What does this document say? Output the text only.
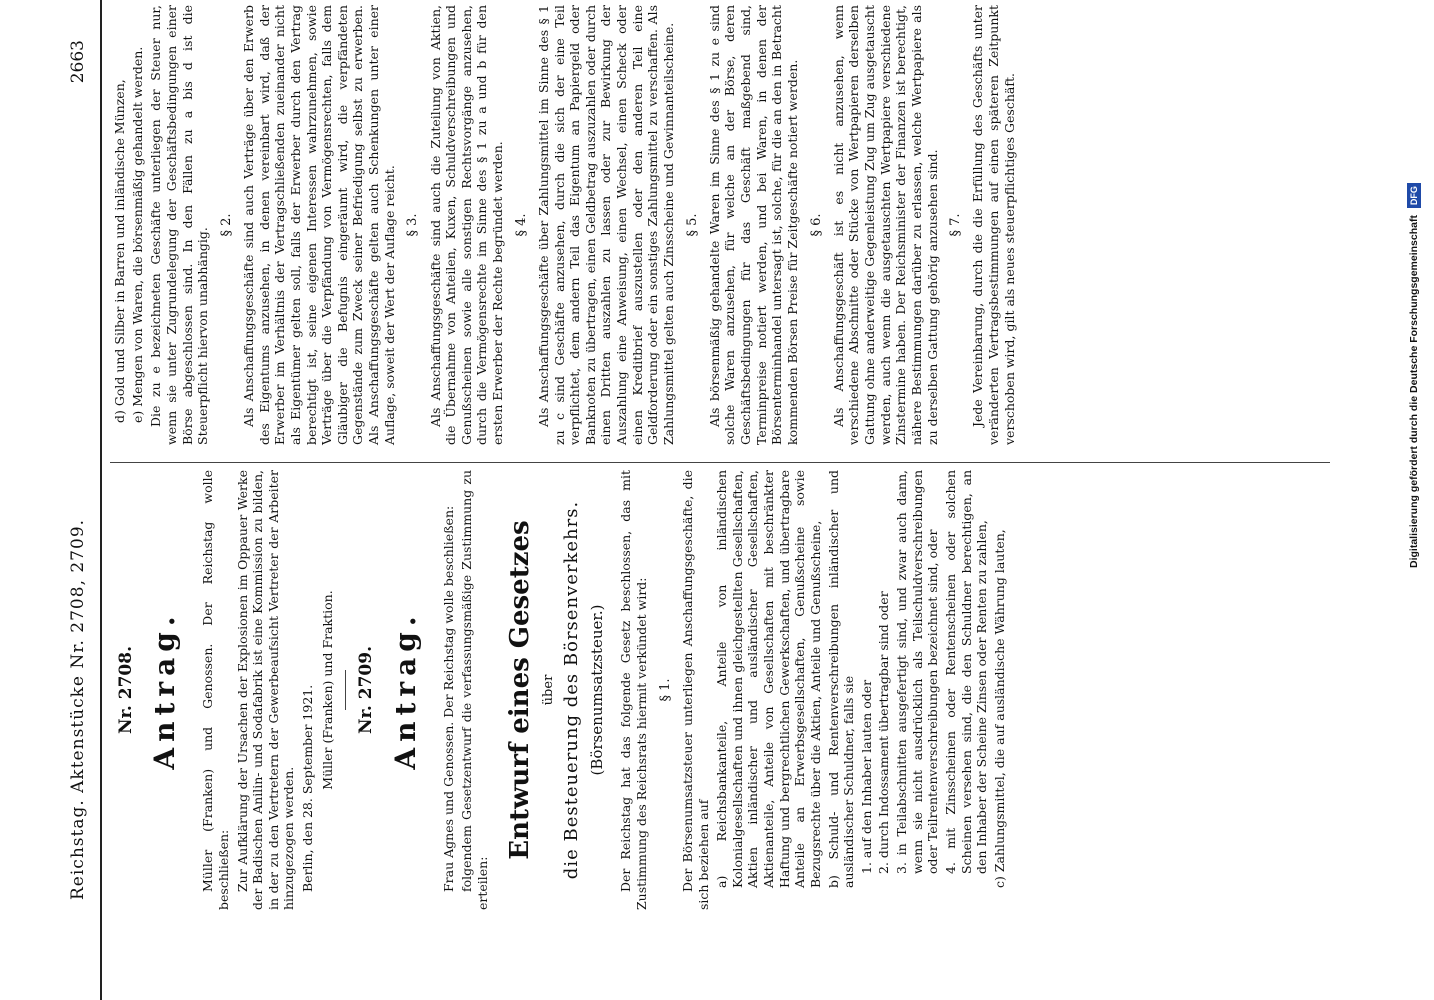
Reichstag. Aktenstücke Nr. 2708, 2709.
2663
Nr. 2708. Antrag. Müller (Franken) und Genossen. Der Reichstag wolle beschließen: Zur Aufklärung der Ursachen der Explosionen im Oppauer Werke der Badischen Anilin- und Sodafabrik ist eine Kommission zu bilden, in der zu den Vertretern der Gewerbeaufsicht Vertreter der Arbeiter hinzugezogen werden. Berlin, den 28. September 1921. Müller (Franken) und Fraktion. Nr. 2709. Antrag. Frau Agnes und Genossen. Der Reichstag wolle beschließen: folgendem Gesetzentwurf die verfassungsmäßige Zustimmung zu erteilen:

Entwurf eines Gesetzes über die Besteuerung des Börsenverkehrs. (Börsenumsatzsteuer.) Der Reichstag hat das folgende Gesetz beschlossen, das mit Zustimmung des Reichsrats hiermit verkündet wird: § 1. Der Börsenumsatzsteuer unterliegen Anschaffungsgeschäfte, die sich beziehen auf a) Reichsbankanteile, Anteile von inländischen Kolonialgesellschaften und ihnen gleichgestellten Gesellschaften, Aktien inländischer und ausländischer Gesellschaften, Aktienanteile, Anteile von Gesellschaften mit beschränkter Haftung und bergrechtlichen Gewerkschaften, und übertragbare Anteile an Erwerbsgesellschaften, Genußscheine sowie Bezugsrechte über die Aktien, Anteile und Genußscheine, b) Schuld- und Rentenverschreibungen inländischer und ausländischer Schuldner, falls sie 1. auf den Inhaber lauten oder 2. durch Indossament übertragbar sind oder 3. in Teilabschnitten ausgefertigt sind, und zwar auch dann, wenn sie nicht ausdrücklich als Teilschuldverschreibungen oder Teilrentenverschreibungen bezeichnet sind, oder 4. mit Zinsscheinen oder Rentenscheinen oder solchen Scheinen versehen sind, die den Schuldner berechtigen, an den Inhaber der Scheine Zinsen oder Renten zu zahlen, c) Zahlungsmittel, die auf ausländische Währung lauten,

d) Gold und Silber in Barren und inländische Münzen, e) Mengen von Waren, die börsenmäßig gehandelt werden. Die zu e bezeichneten Geschäfte unterliegen der Steuer nur, wenn sie unter Zugrundelegung der Geschäftsbedingungen einer Börse abgeschlossen sind. In den Fällen zu a bis d ist die Steuerpflicht hiervon unabhängig.

§ 2. Als Anschaffungsgeschäfte sind auch Verträge über den Erwerb des Eigentums anzusehen, in denen vereinbart wird, daß der Erwerber im Verhältnis der Vertragschließenden zueinander nicht als Eigentümer gelten soll, falls der Erwerber durch den Vertrag berechtigt ist, seine eigenen Interessen wahrzunehmen, sowie Verträge über die Verpfändung von Vermögensrechten, falls dem Gläubiger die Befugnis eingeräumt wird, die verpfändeten Gegenstände zum Zweck seiner Befriedigung selbst zu erwerben. Als Anschaffungsgeschäfte gelten auch Schenkungen unter einer Auflage, soweit der Wert der Auflage reicht. § 3. Als Anschaffungsgeschäfte sind auch die Zuteilung von Aktien, die Übernahme von Anteilen, Kuxen, Schuldverschreibungen und Genußscheinen sowie alle sonstigen Rechtsvorgänge anzusehen, durch die Vermögensrechte im Sinne des § 1 zu a und b für den ersten Erwerber der Rechte begründet werden. § 4. Als Anschaffungsgeschäfte über Zahlungsmittel im Sinne des § 1 zu c sind Geschäfte anzusehen, durch die sich der eine Teil verpflichtet, dem andern Teil das Eigentum an Papiergeld oder Banknoten zu übertragen, einen Geldbetrag auszuzahlen oder durch einen Dritten auszahlen zu lassen oder zur Bewirkung der Auszahlung eine Anweisung, einen Wechsel, einen Scheck oder einen Kreditbrief auszustellen oder den anderen Teil eine Geldforderung oder ein sonstiges Zahlungsmittel zu verschaffen. Als Zahlungsmittel gelten auch Zinsscheine und Gewinnanteilscheine. § 5. Als börsenmäßig gehandelte Waren im Sinne des § 1 zu e sind solche Waren anzusehen, für welche an der Börse, deren Geschäftsbedingungen für das Geschäft maßgebend sind, Terminpreise notiert werden, und bei Waren, in denen der Börsenterminhandel untersagt ist, solche, für die an den in Betracht kommenden Börsen Preise für Zeitgeschäfte notiert werden. § 6. Als Anschaffungsgeschäft ist es nicht anzusehen, wenn verschiedene Abschnitte oder Stücke von Wertpapieren derselben Gattung ohne anderweitige Gegenleistung Zug um Zug ausgetauscht werden, auch wenn die ausgetauschten Wertpapiere verschiedene Zinstermine haben. Der Reichsminister der Finanzen ist berechtigt, nähere Bestimmungen darüber zu erlassen, welche Wertpapiere als zu derselben Gattung gehörig anzusehen sind. § 7. Jede Vereinbarung, durch die die Erfüllung des Geschäfts unter veränderten Vertragsbestimmungen auf einen späteren Zeitpunkt verschoben wird, gilt als neues steuerpflichtiges Geschäft.	Digitalisierung gefördert durch die Deutsche Forschungsgemeinschaft DFG
